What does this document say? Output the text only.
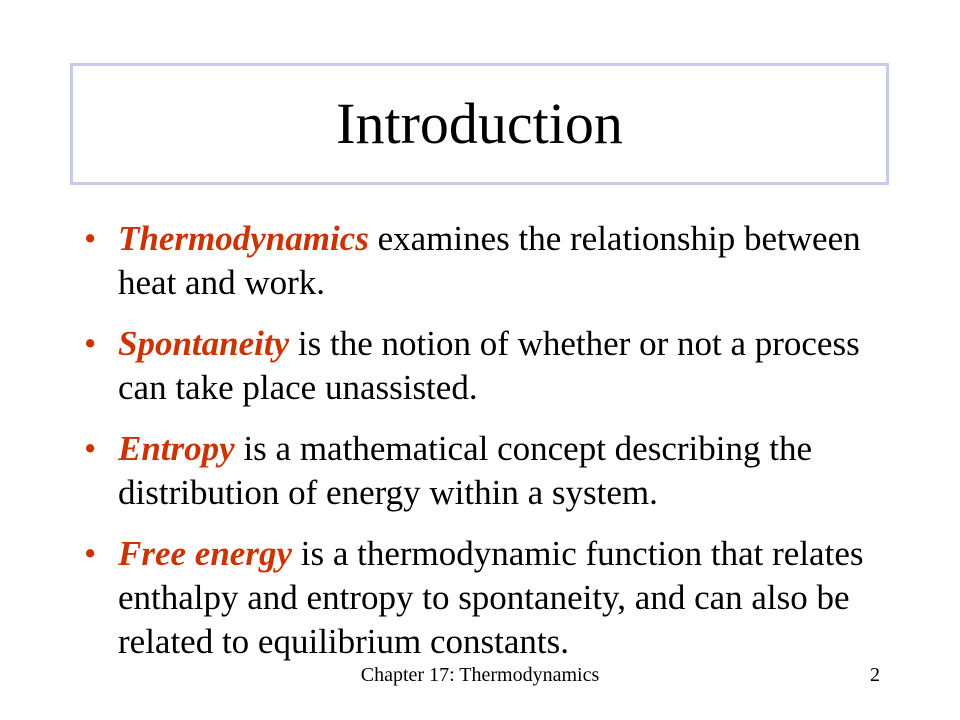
Introduction
• Thermodynamics examines the relationship between heat and work.
• Spontaneity is the notion of whether or not a process can take place unassisted.
• Entropy is a mathematical concept describing the distribution of energy within a system.
• Free energy is a thermodynamic function that relates enthalpy and entropy to spontaneity, and can also be related to equilibrium constants.
Chapter 17: Thermodynamics	2
